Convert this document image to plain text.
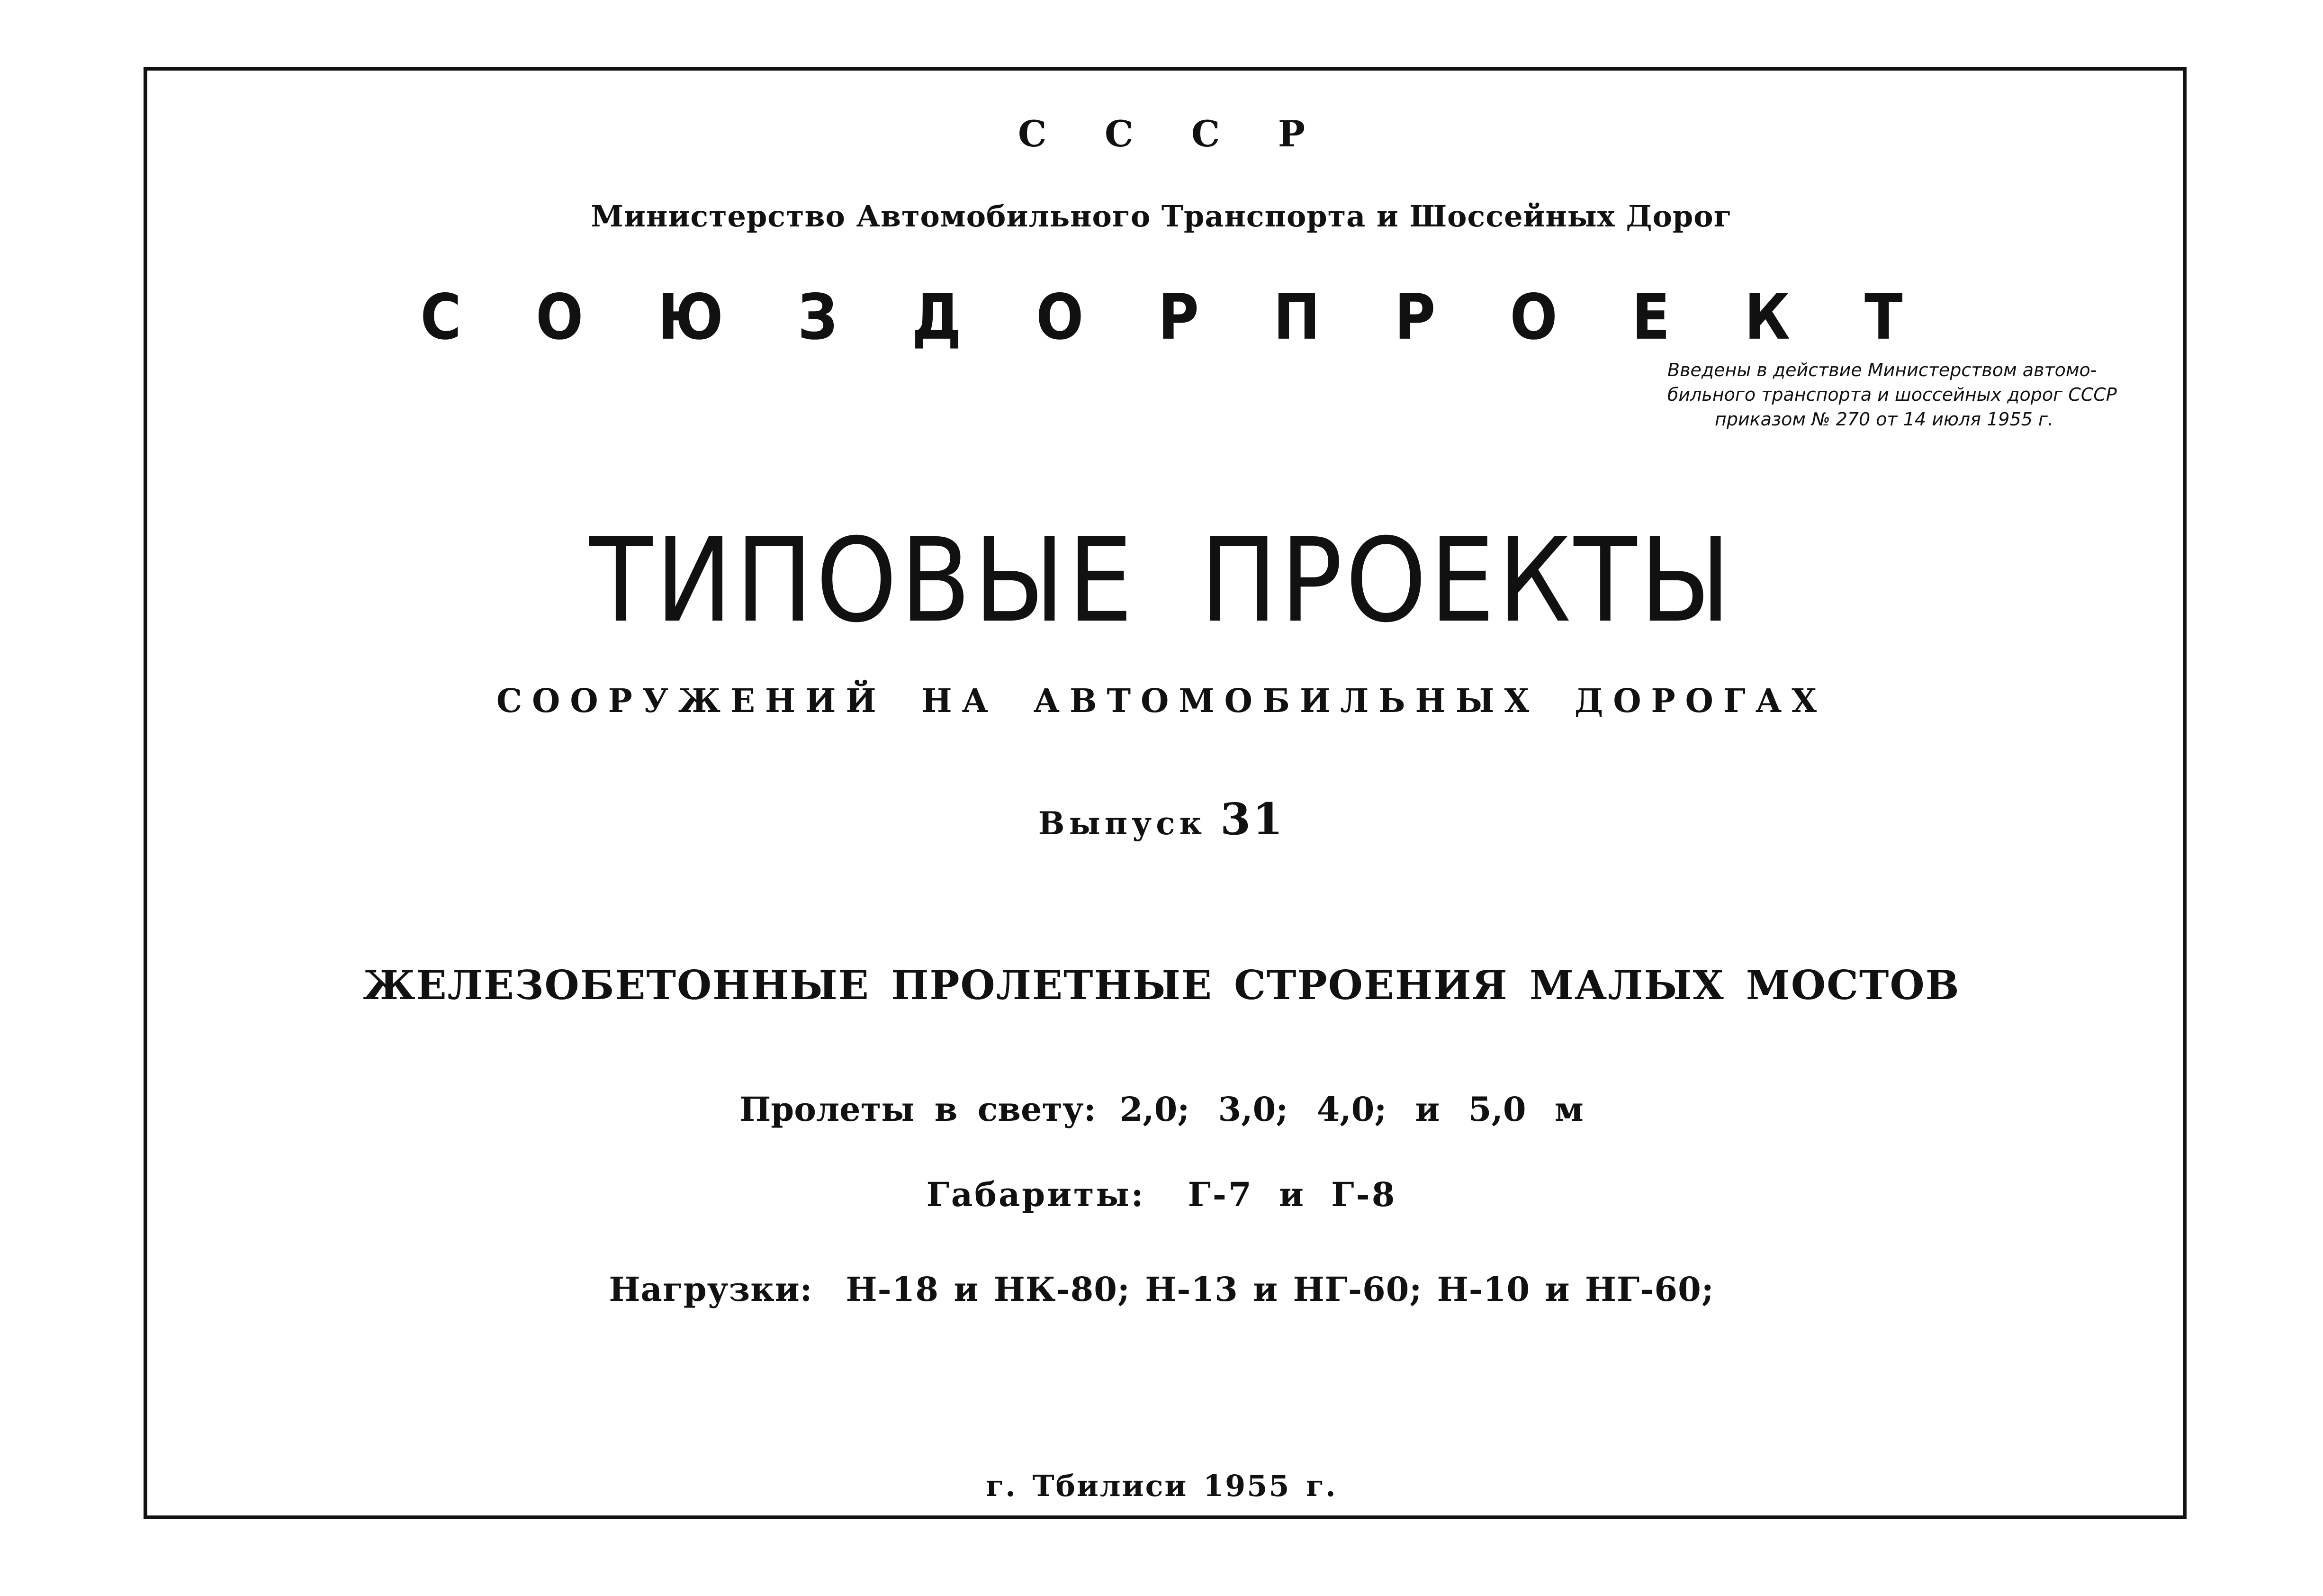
С С С Р
Министерство Автомобильного Транспорта и Шоссейных Дорог
С О Ю З Д О Р П Р О Е К Т
Введены в действие Министерством автомо-
бильного транспорта и шоссейных дорог СССР
приказом № 270 от 14 июля 1955 г.
ТИПОВЫЕ ПРОЕКТЫ
СООРУЖЕНИЙ НА АВТОМОБИЛЬНЫХ ДОРОГАХ
Выпуск 31
ЖЕЛЕЗОБЕТОННЫЕ ПРОЛЕТНЫЕ СТРОЕНИЯ МАЛЫХ МОСТОВ
Пролеты в свету: 2,0; 3,0; 4,0; и 5,0 м
Габариты: Г-7 и Г-8
Нагрузки: Н-18 и НК-80; Н-13 и НГ-60; Н-10 и НГ-60;
г. Тбилиси 1955 г.
